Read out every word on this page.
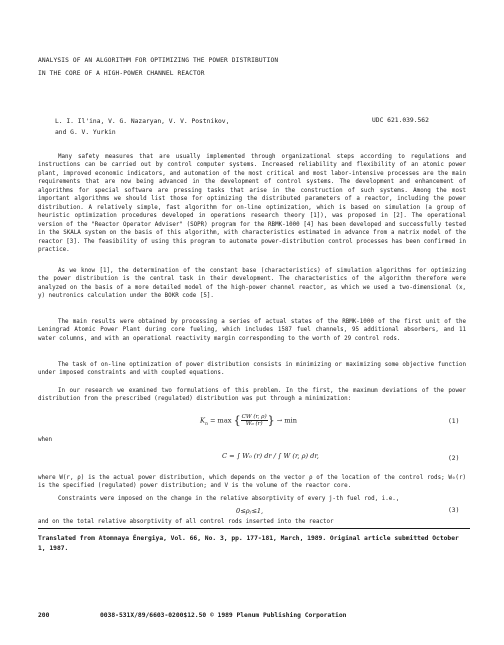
ANALYSIS OF AN ALGORITHM FOR OPTIMIZING THE POWER DISTRIBUTION
IN THE CORE OF A HIGH-POWER CHANNEL REACTOR
L. I. Il'ina, V. G. Nazaryan, V. V. Postnikov,
and G. V. Yurkin
UDC 621.039.562

Many safety measures that are usually implemented through organizational steps according to regulations and instructions can be carried out by control computer systems. Increased reliability and flexibility of an atomic power plant, improved economic indicators, and automation of the most critical and most labor-intensive processes are the main requirements that are now being advanced in the development of control systems. The development and enhancement of algorithms for special software are pressing tasks that arise in the construction of such systems. Among the most important algorithms we should list those for optimizing the distributed parameters of a reactor, including the power distribution. A relatively simple, fast algorithm for on-line optimization, which is based on simulation (a group of heuristic optimization procedures developed in operations research theory [1]), was proposed in [2]. The operational version of the "Reactor Operator Adviser" (SOPR) program for the RBMK-1000 [4] has been developed and successfully tested in the SKALA system on the basis of this algorithm, with characteristics estimated in advance from a matrix model of the reactor [3]. The feasibility of using this program to automate power-distribution control processes has been confirmed in practice.

As we know [1], the determination of the constant base (characteristics) of simulation algorithms for optimizing the power distribution is the central task in their development. The characteristics of the algorithm therefore were analyzed on the basis of a more detailed model of the high-power channel reactor, as which we used a two-dimensional (x, y) neutronics calculation under the BOKR code [5].

The main results were obtained by processing a series of actual states of the RBMK-1000 of the first unit of the Leningrad Atomic Power Plant during core fueling, which includes 1587 fuel channels, 95 additional absorbers, and 11 water columns, and with an operational reactivity margin corresponding to the worth of 29 control rods.

The task of on-line optimization of power distribution consists in minimizing or maximizing some objective function under imposed constraints and with coupled equations.

In our research we examined two formulations of this problem. In the first, the maximum deviations of the power distribution from the prescribed (regulated) distribution was put through a minimization:

$K_n = \max$ { $\frac{CW (r, \rho)}{\text{W₀ (r)}}$ } → min	(1)
when
C = ∫ W₀ (r) dr / ∫ W (r, ρ) dr,	(2)

where W(r, ρ) is the actual power distribution, which depends on the vector ρ of the location of the control rods; W₀(r) is the specified (regulated) power distribution; and V is the volume of the reactor core.

Constraints were imposed on the change in the relative absorptivity of every j-th fuel rod, i.e.,

0≤ρⱼ≤1,	(3)

and on the total relative absorptivity of all control rods inserted into the reactor

Translated from Atomnaya Énergiya, Vol. 66, No. 3, pp. 177-181, March, 1989. Original article submitted October 1, 1987.
200	0038-531X/89/6603-0200$12.50 © 1989 Plenum Publishing Corporation
